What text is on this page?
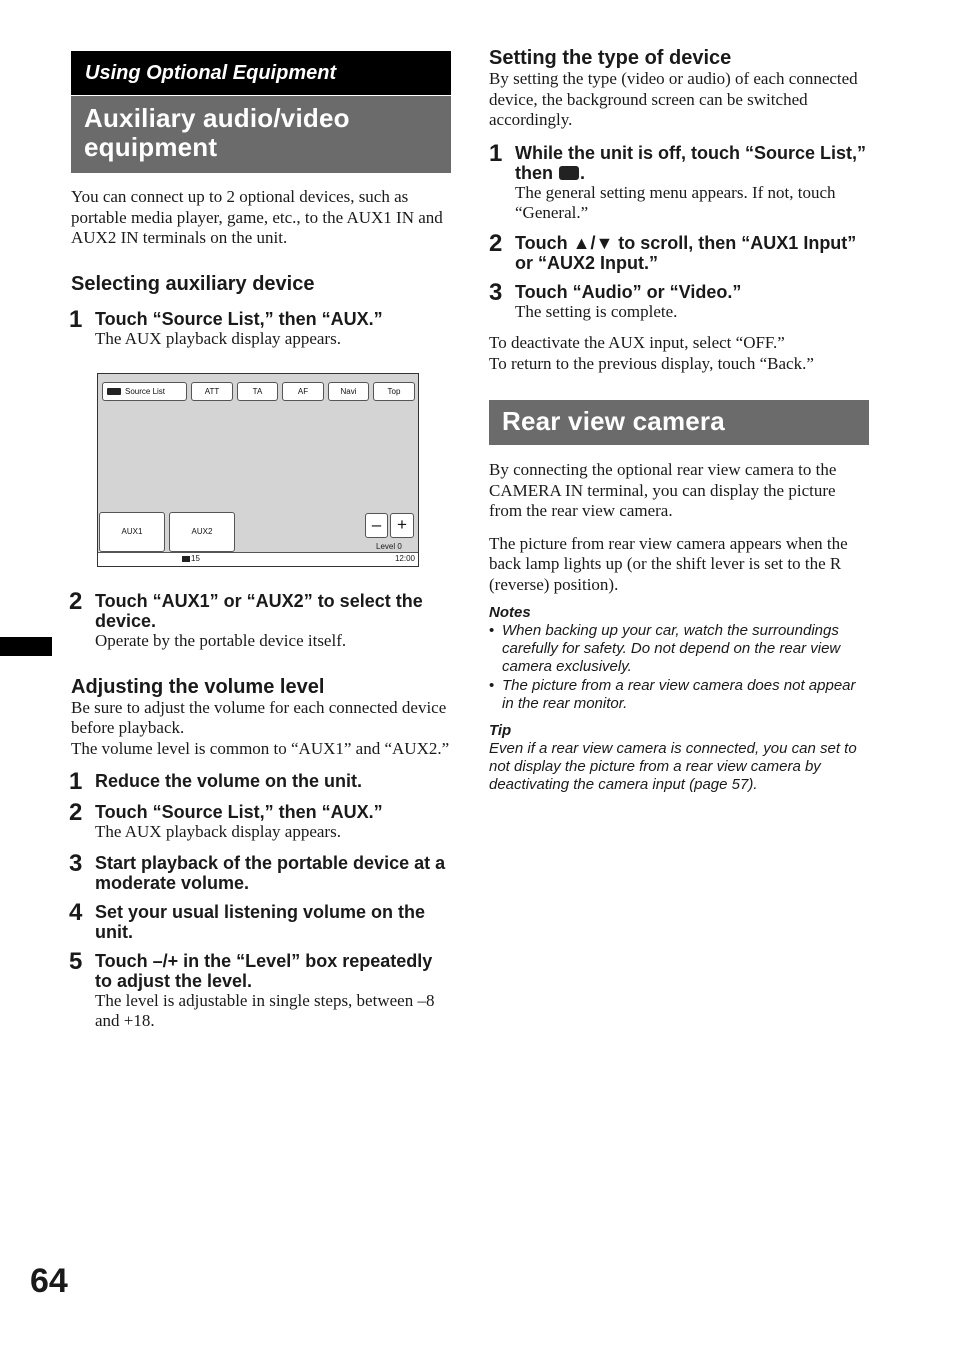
Using Optional Equipment
Auxiliary audio/video
equipment

You can connect up to 2 optional devices, such as portable media player, game, etc., to the AUX1 IN and AUX2 IN terminals on the unit.

Selecting auxiliary device
1 Touch “Source List,” then “AUX.”
The AUX playback display appears.
Source List	ATT	TA	AF	Navi	Top
AUX1	AUX2	– +
Level 0
15	12:00
2 Touch “AUX1” or “AUX2” to select the device.
Operate by the portable device itself.
Adjusting the volume level

Be sure to adjust the volume for each connected device before playback.

The volume level is common to “AUX1” and “AUX2.”

1 Reduce the volume on the unit.
2 Touch “Source List,” then “AUX.”
The AUX playback display appears.
3 Start playback of the portable device at a moderate volume.
4 Set your usual listening volume on the unit.
5 Touch –/+ in the “Level” box repeatedly to adjust the level.
The level is adjustable in single steps, between –8 and +18.
Setting the type of device

By setting the type (video or audio) of each connected device, the background screen can be switched accordingly.

1 While the unit is off, touch “Source List,” then .
The general setting menu appears. If not, touch “General.”
2 Touch ▲/▼ to scroll, then “AUX1 Input” or “AUX2 Input.”
3 Touch “Audio” or “Video.”
The setting is complete.

To deactivate the AUX input, select “OFF.”

To return to the previous display, touch “Back.”

Rear view camera

By connecting the optional rear view camera to the CAMERA IN terminal, you can display the picture from the rear view camera.

The picture from rear view camera appears when the back lamp lights up (or the shift lever is set to the R (reverse) position).

Notes
• When backing up your car, watch the surroundings carefully for safety. Do not depend on the rear view camera exclusively.
• The picture from a rear view camera does not appear in the rear monitor.
Tip
Even if a rear view camera is connected, you can set to not display the picture from a rear view camera by deactivating the camera input (page 57).
64
